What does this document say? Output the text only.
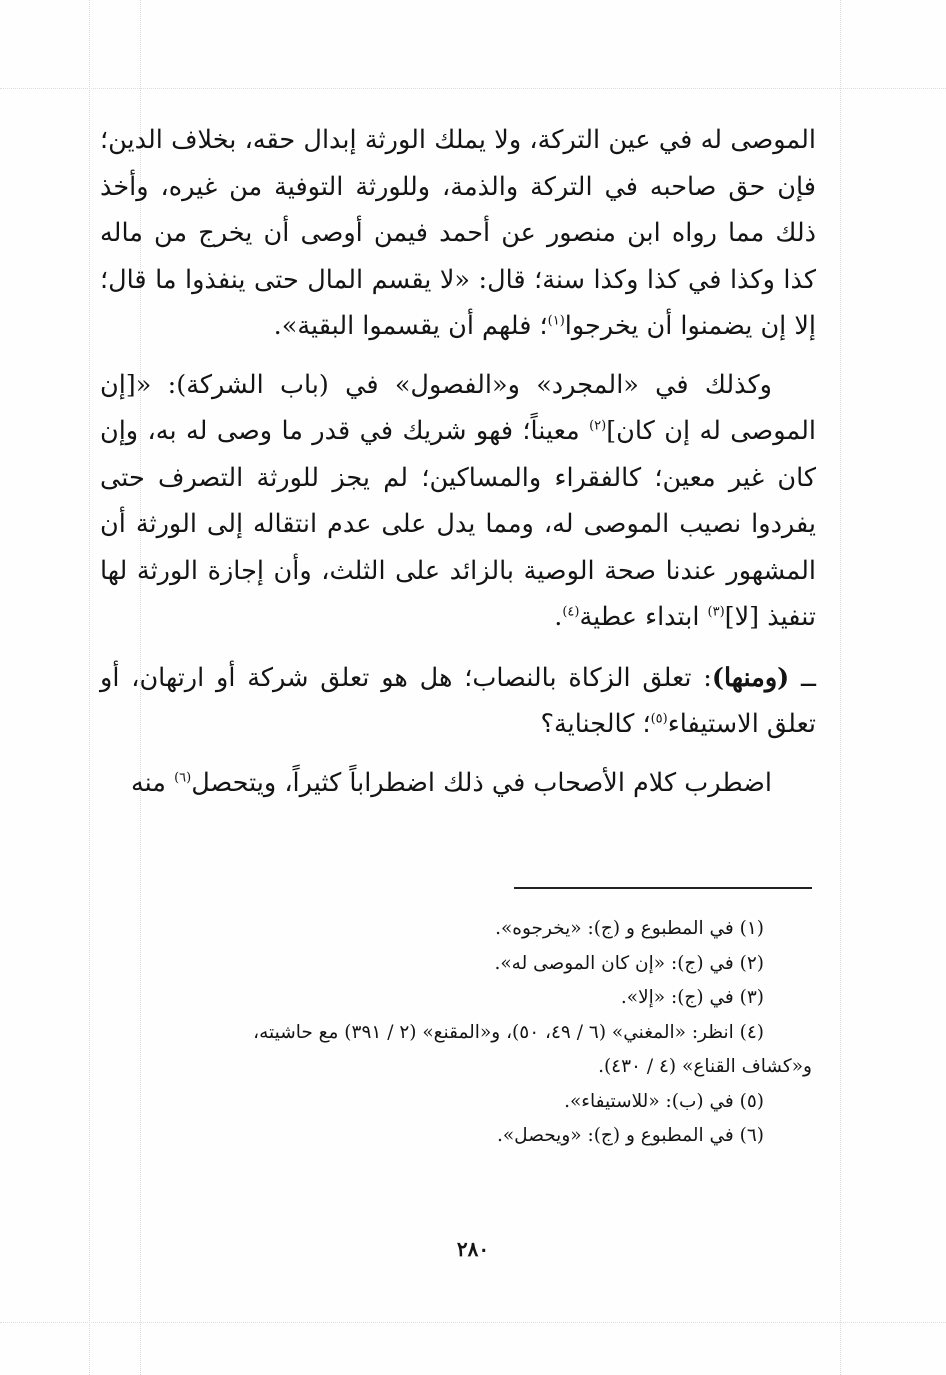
الموصى له في عين التركة، ولا يملك الورثة إبدال حقه، بخلاف الدين؛ فإن حق صاحبه في التركة والذمة، وللورثة التوفية من غيره، وأخذ ذلك مما رواه ابن منصور عن أحمد فيمن أوصى أن يخرج من ماله كذا وكذا في كذا وكذا سنة؛ قال: «لا يقسم المال حتى ينفذوا ما قال؛ إلا إن يضمنوا أن يخرجوا$^{(١)}$؛ فلهم أن يقسموا البقية».

وكذلك في «المجرد» و«الفصول» في (باب الشركة): «[إن الموصى له إن كان]$^{(٢)}$ معيناً؛ فهو شريك في قدر ما وصى له به، وإن كان غير معين؛ كالفقراء والمساكين؛ لم يجز للورثة التصرف حتى يفردوا نصيب الموصى له، ومما يدل على عدم انتقاله إلى الورثة أن المشهور عندنا صحة الوصية بالزائد على الثلث، وأن إجازة الورثة لها تنفيذ [لا]$^{(٣)}$ ابتداء عطية$^{(٤)}$.

ــ (ومنها): تعلق الزكاة بالنصاب؛ هل هو تعلق شركة أو ارتهان، أو تعلق الاستيفاء$^{(٥)}$؛ كالجناية؟

اضطرب كلام الأصحاب في ذلك اضطراباً كثيراً، ويتحصل$^{(٦)}$ منه

(١) في المطبوع و (ج): «يخرجوه».

(٢) في (ج): «إن كان الموصى له».

(٣) في (ج): «إلا».

(٤) انظر: «المغني» (٦ / ٤٩، ٥٠)، و«المقنع» (٢ / ٣٩١) مع حاشيته،

و«كشاف القناع» (٤ / ٤٣٠).

(٥) في (ب): «للاستيفاء».

(٦) في المطبوع و (ج): «ويحصل».

٢٨٠
